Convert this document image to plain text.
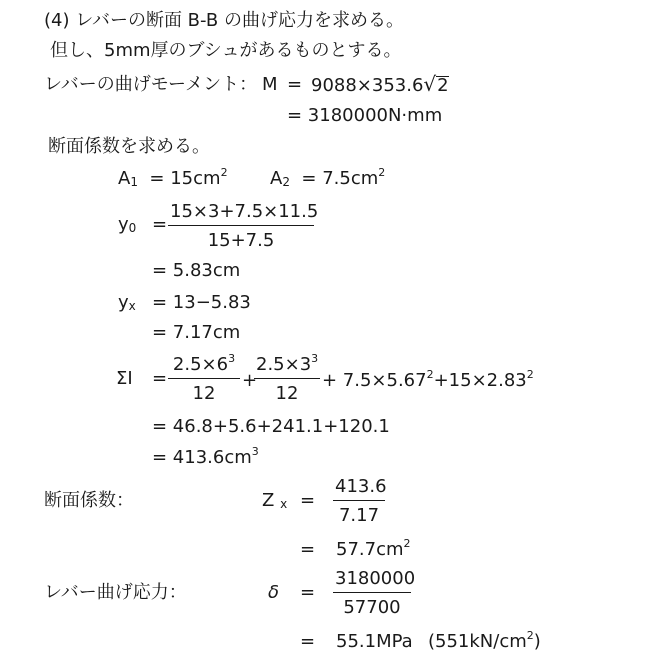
(4) レバーの断面 B-B の曲げ応力を求める。
但し、5mm厚のブシュがあるものとする。
レバーの曲げモーメント： M = 9088×353.6√2
= 3180000N·mm
断面係数を求める。
$A_1 = 15cm^2$ $A_2 = 7.5cm^2$
$y_0$ =
15×3+7.5×11.5
15+7.5
= 5.83cm
$y_x = 13-5.83$
= 7.17cm
ΣI =
$2.5\times 6^3$
12
+
$2.5\times 3^3$
12
+ $7.5\times 5.67^2+15\times 2.83^2$
= 46.8+5.6+241.1+120.1
= $413.6cm^3$
断面係数：	Z $_x$ =
413.6
7.17
= $57.7cm^2$
レバー曲げ応力：	δ =
3180000
57700
= 55.1MPa $(551kN/cm^2)$
